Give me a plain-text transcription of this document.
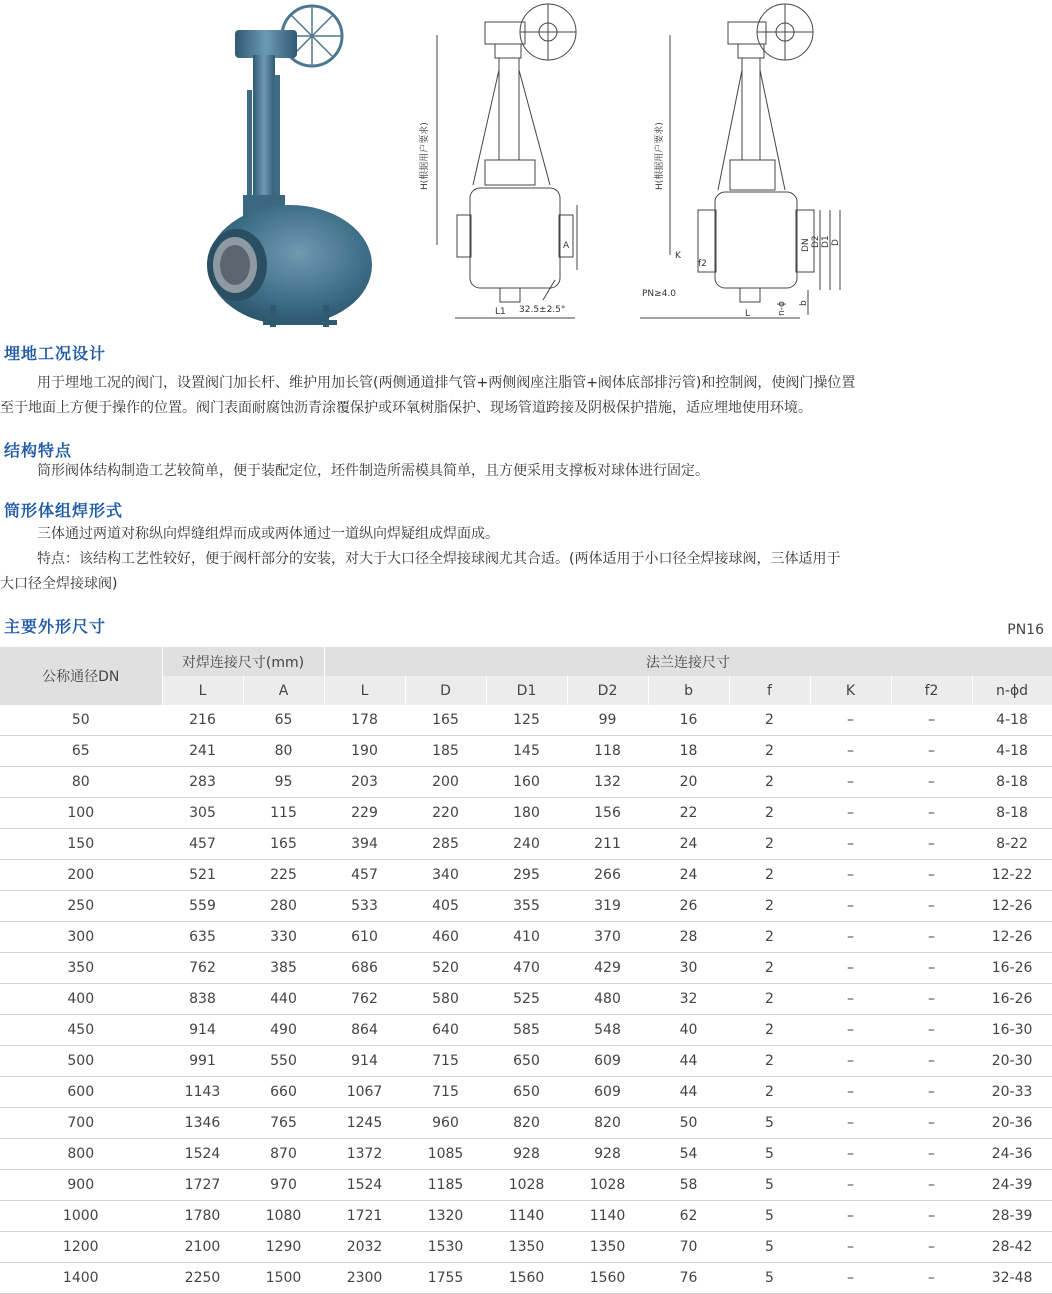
H(根据用户要求)
A
L1 32.5±2.5°
H(根据用户要求)
K
f2
PN≥4.0
L
DN D2 D1 D
n-ϕ b
埋地工况设计
用于埋地工况的阀门，设置阀门加长杆、维护用加长管(两侧通道排气管+两侧阀座注脂管+阀体底部排污管)和控制阀，使阀门操位置
至于地面上方便于操作的位置。阀门表面耐腐蚀沥青涂覆保护或环氧树脂保护、现场管道跨接及阴极保护措施，适应埋地使用环境。
结构特点
筒形阀体结构制造工艺较简单，便于装配定位，坯件制造所需模具简单，且方便采用支撑板对球体进行固定。
筒形体组焊形式
三体通过两道对称纵向焊缝组焊而成或两体通过一道纵向焊疑组成焊面成。
特点：该结构工艺性较好，便于阀杆部分的安装，对大于大口径全焊接球阀尤其合适。(两体适用于小口径全焊接球阀，三体适用于
大口径全焊接球阀)
主要外形尺寸	PN16
公称通径DN	对焊连接尺寸(mm)		法兰连接尺寸								
	L	A	L	D	D1	D2	b	f	K	f2	n-ϕd
50	216	65	178	165	125	99	16	2	–	–	4-18
65	241	80	190	185	145	118	18	2	–	–	4-18
80	283	95	203	200	160	132	20	2	–	–	8-18
100	305	115	229	220	180	156	22	2	–	–	8-18
150	457	165	394	285	240	211	24	2	–	–	8-22
200	521	225	457	340	295	266	24	2	–	–	12-22
250	559	280	533	405	355	319	26	2	–	–	12-26
300	635	330	610	460	410	370	28	2	–	–	12-26
350	762	385	686	520	470	429	30	2	–	–	16-26
400	838	440	762	580	525	480	32	2	–	–	16-26
450	914	490	864	640	585	548	40	2	–	–	16-30
500	991	550	914	715	650	609	44	2	–	–	20-30
600	1143	660	1067	715	650	609	44	2	–	–	20-33
700	1346	765	1245	960	820	820	50	5	–	–	20-36
800	1524	870	1372	1085	928	928	54	5	–	–	24-36
900	1727	970	1524	1185	1028	1028	58	5	–	–	24-39
1000	1780	1080	1721	1320	1140	1140	62	5	–	–	28-39
1200	2100	1290	2032	1530	1350	1350	70	5	–	–	28-42
1400	2250	1500	2300	1755	1560	1560	76	5	–	–	32-48
